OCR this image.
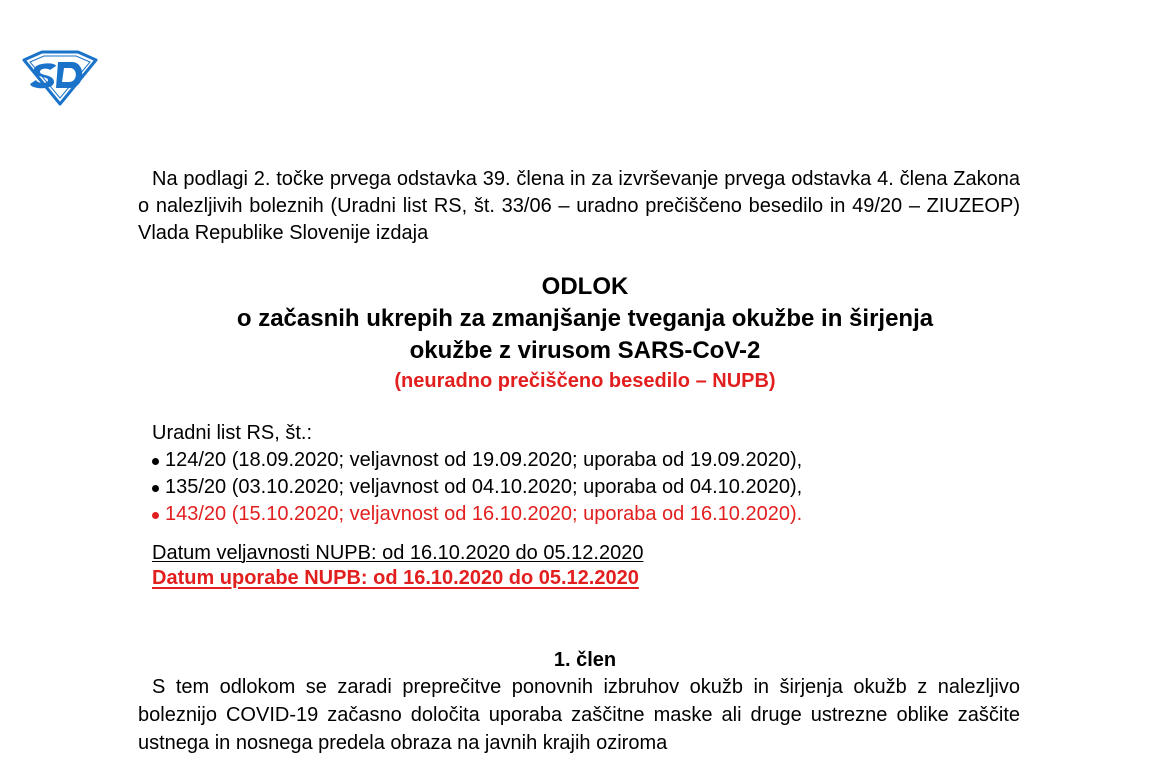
Na podlagi 2. točke prvega odstavka 39. člena in za izvrševanje prvega odstavka 4. člena Zakona o nalezljivih boleznih (Uradni list RS, št. 33/06 – uradno prečiščeno besedilo in 49/20 – ZIUZEOP) Vlada Republike Slovenije izdaja
ODLOK
o začasnih ukrepih za zmanjšanje tveganja okužbe in širjenja
okužbe z virusom SARS-CoV-2
(neuradno prečiščeno besedilo – NUPB)
Uradni list RS, št.:
124/20 (18.09.2020; veljavnost od 19.09.2020; uporaba od 19.09.2020),
135/20 (03.10.2020; veljavnost od 04.10.2020; uporaba od 04.10.2020),
143/20 (15.10.2020; veljavnost od 16.10.2020; uporaba od 16.10.2020).
Datum veljavnosti NUPB: od 16.10.2020 do 05.12.2020
Datum uporabe NUPB: od 16.10.2020 do 05.12.2020
1. člen
S tem odlokom se zaradi preprečitve ponovnih izbruhov okužb in širjenja okužb z nalezljivo boleznijo COVID-19 začasno določita uporaba zaščitne maske ali druge ustrezne oblike zaščite ustnega in nosnega predela obraza na javnih krajih oziroma
